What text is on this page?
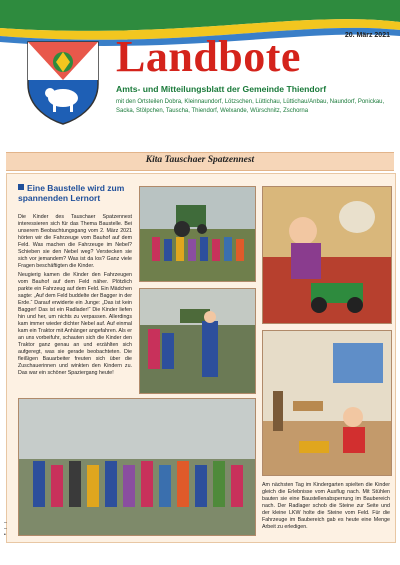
20. März 2021
Landbote
Amts- und Mitteilungsblatt der Gemeinde Thiendorf
mit den Ortsteilen Dobra, Kleinnaundorf, Lötzschen, Lüttichau, Lüttichau/Anbau, Naundorf, Ponickau, Sacka, Stölpchen, Tauscha, Thiendorf, Welxande, Würschnitz, Zschorna
Kita Tauschaer Spatzennest
Eine Baustelle wird zum spannenden Lernort
Die Kinder des Tauschaer Spatzennest interessieren sich für das Thema Baustelle. Bei unserem Beobachtungsgang vom 2. März 2021 hörten wir die Fahrzeuge vom Bauhof auf dem Feld. Was machen die Fahrzeuge im Nebel? Schieben sie den Nebel weg? Verstecken sie sich vor jemandem? Was ist da los? Ganz viele Fragen beschäftigten die Kinder.
Neugierig kamen die Kinder den Fahrzeugen vom Bauhof auf dem Feld näher. Plötzlich parkte ein Fahrzeug auf dem Feld. Ein Mädchen sagte: „Auf dem Feld buddelte der Bagger in der Erde.“ Darauf erwiderte ein Junge: „Das ist kein Bagger! Das ist ein Radlader!“ Die Kinder liefen hin und her, um nichts zu verpassen. Allerdings kam immer wieder dichter Nebel auf. Auf einmal kam ein Traktor mit Anhänger angefahren. Als er an uns vorbeifuhr, schauten sich die Kinder den Traktor ganz genau an und erzählten sich aufgeregt, was sie gerade beobachteten. Die fleißigen Bauarbeiter freuten sich über die Zuschauerinnen und winkten den Kindern zu. Das war ein schöner Spaziergang heute!
Am nächsten Tag im Kindergarten spielten die Kinder gleich die Erlebnisse vom Ausflug nach. Mit Stühlen bauten sie eine Baustellenabsperrung im Baubereich nach. Der Radlager schob die Steine zur Seite und der kleine LKW holte die Steine vom Feld. Für die Fahrzeuge im Baubereich gab es heute eine Menge Arbeit zu erledigen.
–
–
•
